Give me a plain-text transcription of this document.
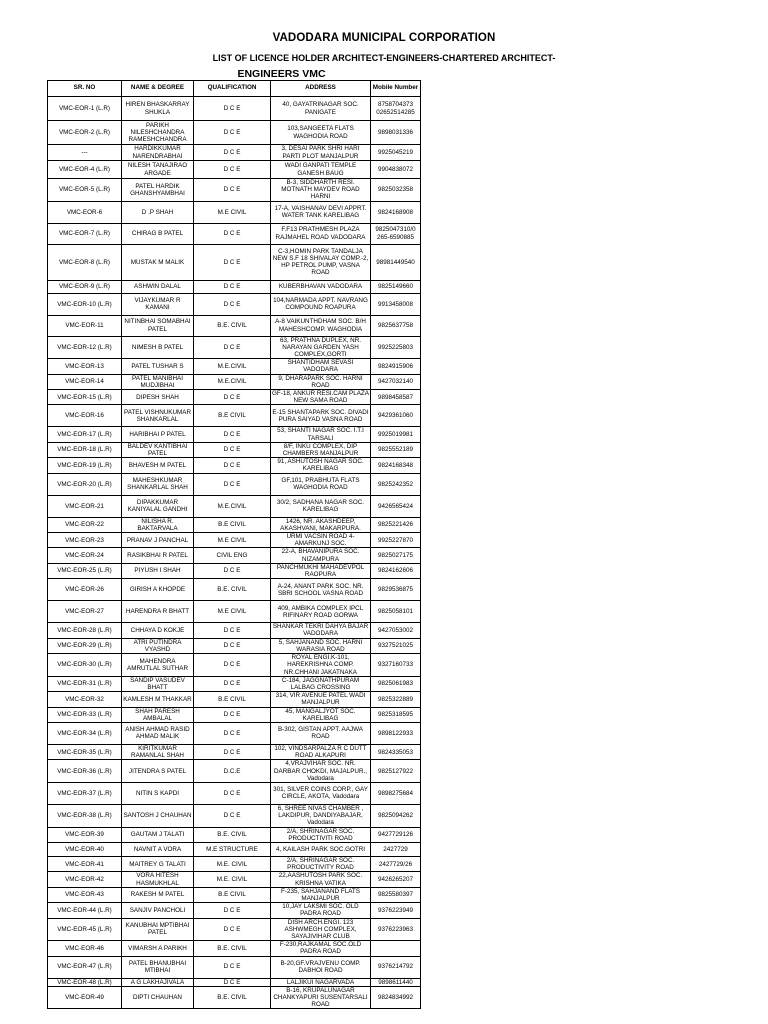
VADODARA MUNICIPAL CORPORATION
LIST OF LICENCE HOLDER ARCHITECT-ENGINEERS-CHARTERED ARCHITECT-
ENGINEERS VMC
SR. NO	NAME & DEGREE	QUALIFICATION	ADDRESS	Mobile Number
VMC-EOR-1 (L.R)	HIREN BHASKARRAY SHUKLA	D C E	40, GAYATRINAGAR SOC. PANIGATE	8758704373 02652514285
VMC-EOR-2 (L.R)	PARIKH NILESHCHANDRA RAMESHCHANDRA	D C E	103,SANGEETA FLATS WAGHODIA ROAD	9898031336
---	HARDIKKUMAR NARENDRABHAI	D C E	3, DESAI PARK SHRI HARI PARTI PLOT MANJALPUR	9925045219
VMC-EOR-4 (L.R)	NILESH TANAJIRAO ARGADE	D C E	WADI GANPATI TEMPLE GANESH BAUG	9904838072
VMC-EOR-5 (L.R)	PATEL HARDIK GHANSHYAMBHAI	D C E	B-3, SIDDHARTH RESI. MOTNATH MAYDEV ROAD HARNI	9825032358
VMC-EOR-6	D .P SHAH	M.E CIVIL	17-A, VAISHANAV DEVI APPRT. WATER TANK KARELIBAG	9824168908
VMC-EOR-7 (L.R)	CHIRAG B PATEL	D C E	F.F13 PRATHMESH PLAZA RAJMAHEL ROAD VADODARA	9825047310/0 265-6590885
VMC-EOR-8 (L.R)	MUSTAK M MALIK	D C E	C-3,HOMIN PARK TANDALJA NEW S.F 18 SHIVALAY COMP.-2, HP PETROL PUMP, VASNA ROAD	98981449540
VMC-EOR-9 (L.R)	ASHWIN DALAL	D C E	KUBERBHAVAN VADODARA	9825149660
VMC-EOR-10 (L.R)	VIJAYKUMAR R KAMANI	D C E	104,NARMADA APPT. NAVRANG COMPOUND ROAPURA	9913458008
VMC-EOR-11	NITINBHAI SOMABHAI PATEL	B.E. CIVIL	A-8 VAIKUNTHDHAM SOC. B/H MAHESHCOMP. WAGHODIA	9825637758
VMC-EOR-12 (L.R)	NIMESH B PATEL	D C E	63, PRATHNA DUPLEX, NR. NARAYAN GARDEN YASH COMPLEX,GORTI	9925225803
VMC-EOR-13	PATEL TUSHAR S	M.E.CIVIL	SHANTIDHAM SEVASI VADODARA	9824915906
VMC-EOR-14	PATEL MANIBHAI MUDJIBHAI	M.E.CIVIL	9, DHARAPARK SOC. HARNI ROAD	9427032140
VMC-EOR-15 (L.R)	DIPESH SHAH	D C E	GF-18, ANKUR RESI.CAM PLAZA NEW SAMA ROAD	9898458587
VMC-EOR-16	PATEL VISHNUKUMAR SHANKARLAL	B.E CIVIL	E-15 SHANTAPARK SOC. DIVADI PURA SAIYAD VASNA ROAD	9429361060
VMC-EOR-17 (L.R)	HARIBHAI P PATEL	D C E	53, SHANTI NAGAR SOC. I.T.I TARSALI	9925019981
VMC-EOR-18 (L.R)	BALDEV KANTIBHAI PATEL	D C E	8/F, INKU COMPLEX, DIP CHAMBERS MANJALPUR	9825552189
VMC-EOR-19 (L.R)	BHAVESH M PATEL	D C E	91, ASHUTOSH NAGAR SOC. KARELIBAG	9824168348
VMC-EOR-20 (L.R)	MAHESHKUMAR SHANKARLAL SHAH	D C E	GF,101, PRABHUTA FLATS WAGHODIA ROAD	9825242352
VMC-EOR-21	DIPAKKUMAR KANIYALAL GANDHI	M.E.CIVIL	30/2, SADHANA NAGAR SOC. KARELIBAG	9426565424
VMC-EOR-22	NILISHA R. BAKTARVALA	B.E CIVIL	1426, NR. AKASHDEEP, AKASHVANI, MAKARPURA.	9825221426
VMC-EOR-23	PRANAV J PANCHAL	M.E CIVIL	URMI VACSIN ROAD 4- AMARKUNJ SOC.	9925227870
VMC-EOR-24	RASIKBHAI R PATEL	CIVIL ENG	22-A, BHAVANIPURA SOC. NIZAMPURA	9825027175
VMC-EOR-25 (L.R)	PIYUSH I SHAH	D C E	PANCHMUKHI MAHADEVPOL RAOPURA	9824162606
VMC-EOR-26	GIRISH A KHOPDE	B.E. CIVIL	A-24, ANANT PARK SOC. NR. SBRI SCHOOL VASNA ROAD	9829536875
VMC-EOR-27	HARENDRA R BHATT	M.E CIVIL	409, AMBIKA COMPLEX IPCL RIFINARY ROAD GORWA	9825058101
VMC-EOR-28 (L.R)	CHHAYA D KOKJE	D C E	SHANKAR TEKRI DAHYA BAJAR VADODARA	9427053002
VMC-EOR-29 (L.R)	ATRI PUTINDRA VYASHD	D C E	5, SAHJANAND SOC. HARNI WARASIA ROAD	9327521025
VMC-EOR-30 (L.R)	MAHENDRA AMRUTLAL SUTHAR	D C E	ROYAL ENGI.K-101, HAREKRISHNA COMP. NR.CHHANI JAKATNAKA	9327160733
VMC-EOR-31 (L.R)	SANDIP VASUDEV BHATT	D C E	C-184, JAGGNATHPURAM LALBAG CROSSING	9825061983
VMC-EOR-32	KAMLESH M THAKKAR	B.E CIVIL	314, VIR AVENUE PATEL WADI MANJALPUR	9825322889
VMC-EOR-33 (L.R)	SHAH PARESH AMBALAL	D C E	45, MANGALJYOT SOC. KARELIBAG	9825318595
VMC-EOR-34 (L.R)	ANISH AHMAD RASID AHMAD MALIK	D C E	B-302, GISTAN APPT. AAJWA ROAD	9898122933
VMC-EOR-35 (L.R)	KIRITKUMAR RAMANLAL SHAH	D C E	102, VINDSARPALZA R C DUTT ROAD ALKAPURI	9824335053
VMC-EOR-36 (L.R)	JITENDRA S PATEL	D.C.E	4,VRAJVIHAR SOC. NR. DARBAR CHOKDI, MAJALPUR., Vadodara	9825127922
VMC-EOR-37 (L.R)	NITIN S KAPDI	D C E	301, SILVER COINS CORP., GAY CIRCLE, AKOTA, Vadodara	9898275684
VMC-EOR-38 (L.R)	SANTOSH J CHAUHAN	D C E	6, SHREE NIVAS CHAMBER , LAKDIPUR, DANDIYABAJAR, Vadodara	9825094262
VMC-EOR-39	GAUTAM J TALATI	B.E. CIVIL	2/A, SHRINAGAR SOC. PRODUCTIVITI ROAD	9427729126
VMC-EOR-40	NAVNIT A VORA	M.E STRUCTURE	4, KAILASH PARK SOC.GOTRI	2427729
VMC-EOR-41	MAITREY G TALATI	M.E. CIVIL	2/A, SHRINAGAR SOC. PRODUCTIVITY ROAD	2427729/26
VMC-EOR-42	VORA HITESH HASMUKHLAL	M.E. CIVIL	22,AASHUTOSH PARK SOC. KRISHNA VATIKA	9426265207
VMC-EOR-43	RAKESH M PATEL	B.E CIVIL	F-235, SAHJANAND FLATS MANJALPUR	9825580397
VMC-EOR-44 (L.R)	SANJIV PANCHOLI	D C E	10,JAY LAKSMI SOC. OLD PADRA ROAD	9376223949
VMC-EOR-45 (L.R)	KANUBHAI MPTIBHAI PATEL	D C E	DISH ARCH.ENGI. 123 ASHWMEGH COMPLEX, SAYAJIVIHAR CLUB	9376223963
VMC-EOR-46	VIMARSH A PARIKH	B.E. CIVIL	F-230,RAJKAMAL SOC.OLD PADRA ROAD	
VMC-EOR-47 (L.R)	PATEL BHANUBHAI MTIBHAI	D C E	B-20,GF.VRAJVENU COMP. DABHOI ROAD	9376214792
VMC-EOR-48 (L.R)	A G LAKHAJIVALA	D C E	LALJIKUI NAGARVADA	9898611440
VMC-EOR-49	DIPTI CHAUHAN	B.E. CIVIL	B-16, KRUPALUNAGAR CHANKYAPURI SUSENTARSALI ROAD	9824834992
